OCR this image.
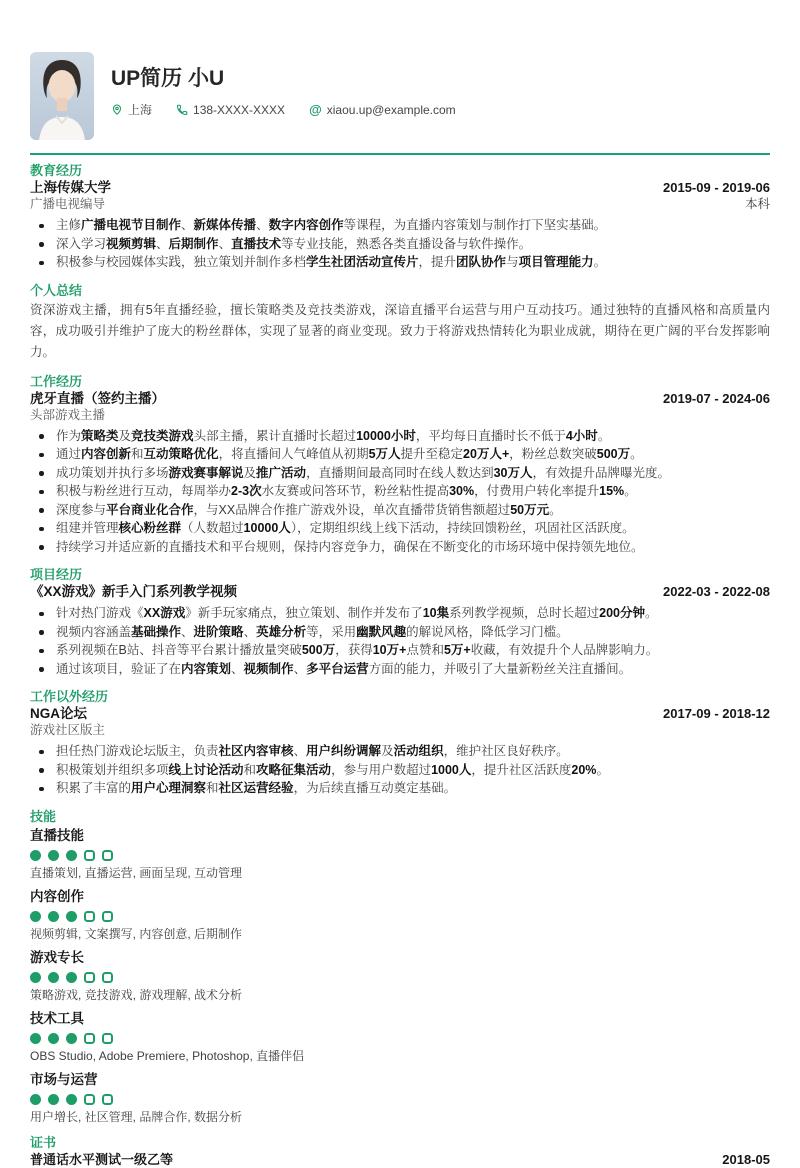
UP简历 小U
上海	138-XXXX-XXXX @ xiaou.up@example.com
教育经历
上海传媒大学	2015-09 - 2019-06
广播电视编导	本科
主修广播电视节目制作、新媒体传播、数字内容创作等课程，为直播内容策划与制作打下坚实基础。
深入学习视频剪辑、后期制作、直播技术等专业技能，熟悉各类直播设备与软件操作。
积极参与校园媒体实践，独立策划并制作多档学生社团活动宣传片，提升团队协作与项目管理能力。
个人总结

资深游戏主播，拥有5年直播经验，擅长策略类及竞技类游戏，深谙直播平台运营与用户互动技巧。通过独特的直播风格和高质量内容，成功吸引并维护了庞大的粉丝群体，实现了显著的商业变现。致力于将游戏热情转化为职业成就，期待在更广阔的平台发挥影响力。

工作经历
虎牙直播（签约主播）	2019-07 - 2024-06
头部游戏主播
作为策略类及竞技类游戏头部主播，累计直播时长超过10000小时，平均每日直播时长不低于4小时。
通过内容创新和互动策略优化，将直播间人气峰值从初期5万人提升至稳定20万人+，粉丝总数突破500万。
成功策划并执行多场游戏赛事解说及推广活动，直播期间最高同时在线人数达到30万人，有效提升品牌曝光度。
积极与粉丝进行互动，每周举办2-3次水友赛或问答环节，粉丝粘性提高30%，付费用户转化率提升15%。
深度参与平台商业化合作，与XX品牌合作推广游戏外设，单次直播带货销售额超过50万元。
组建并管理核心粉丝群（人数超过10000人），定期组织线上线下活动，持续回馈粉丝，巩固社区活跃度。
持续学习并适应新的直播技术和平台规则，保持内容竞争力，确保在不断变化的市场环境中保持领先地位。
项目经历
《XX游戏》新手入门系列教学视频	2022-03 - 2022-08
针对热门游戏《XX游戏》新手玩家痛点，独立策划、制作并发布了10集系列教学视频，总时长超过200分钟。
视频内容涵盖基础操作、进阶策略、英雄分析等，采用幽默风趣的解说风格，降低学习门槛。
系列视频在B站、抖音等平台累计播放量突破500万，获得10万+点赞和5万+收藏，有效提升个人品牌影响力。
通过该项目，验证了在内容策划、视频制作、多平台运营方面的能力，并吸引了大量新粉丝关注直播间。
工作以外经历
NGA论坛	2017-09 - 2018-12
游戏社区版主
担任热门游戏论坛版主，负责社区内容审核、用户纠纷调解及活动组织，维护社区良好秩序。
积极策划并组织多项线上讨论活动和攻略征集活动，参与用户数超过1000人，提升社区活跃度20%。
积累了丰富的用户心理洞察和社区运营经验，为后续直播互动奠定基础。
技能
直播技能
直播策划, 直播运营, 画面呈现, 互动管理
内容创作
视频剪辑, 文案撰写, 内容创意, 后期制作
游戏专长
策略游戏, 竞技游戏, 游戏理解, 战术分析
技术工具
OBS Studio, Adobe Premiere, Photoshop, 直播伴侣
市场与运营
用户增长, 社区管理, 品牌合作, 数据分析
证书
普通话水平测试一级乙等	2018-05
